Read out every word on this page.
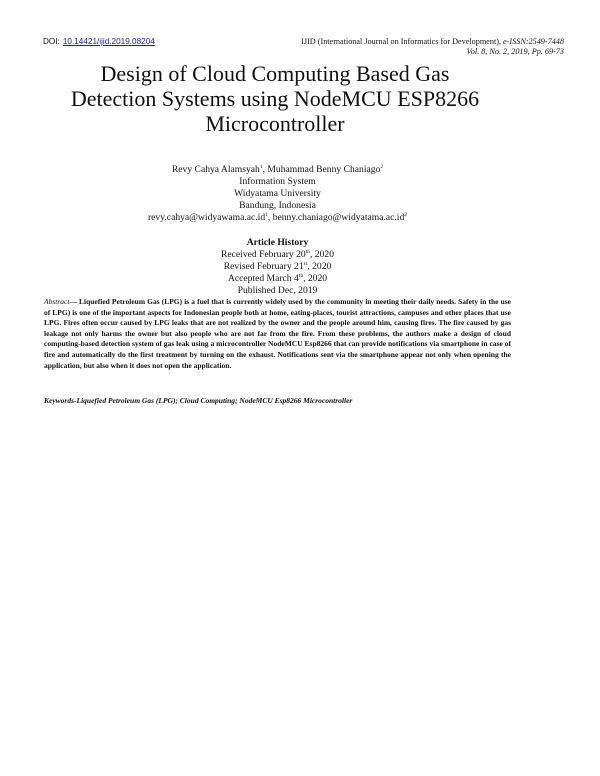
DOI: 10.14421/ijid.2019.08204	IJID (International Journal on Informatics for Development), e-ISSN:2549-7448
Vol. 8, No. 2, 2019, Pp. 69-73
Design of Cloud Computing Based Gas
Detection Systems using NodeMCU ESP8266
Microcontroller
Revy Cahya Alamsyah$^1$, Muhammad Benny Chaniago$^2$
Information System
Widyatama University
Bandung, Indonesia
$revy.cahya@widyawama.ac.id^1$, $benny.chaniago@widyatama.ac.id^2$
Article History
Received February 20th, 2020
Revised February 21st, 2020
Accepted March 4th, 2020
Published Dec, 2019
Abstract— Liquefied Petroleum Gas (LPG) is a fuel that is currently widely used by the community in meeting their daily needs. Safety in the use of LPG) is one of the important aspects for Indonesian people both at home, eating-places, tourist attractions, campuses and other places that use LPG. Fires often occur caused by LPG leaks that are not realized by the owner and the people around him, causing fires. The fire caused by gas leakage not only harms the owner but also people who are not far from the fire. From these problems, the authors make a design of cloud computing-based detection system of gas leak using a microcontroller NodeMCU Esp8266 that can provide notifications via smartphone in case of fire and automatically do the first treatment by turning on the exhaust. Notifications sent via the smartphone appear not only when opening the application, but also when it does not open the application.
Keywords-Liquefied Petroleum Gas (LPG); Cloud Computing; NodeMCU Esp8266 Microcontroller
